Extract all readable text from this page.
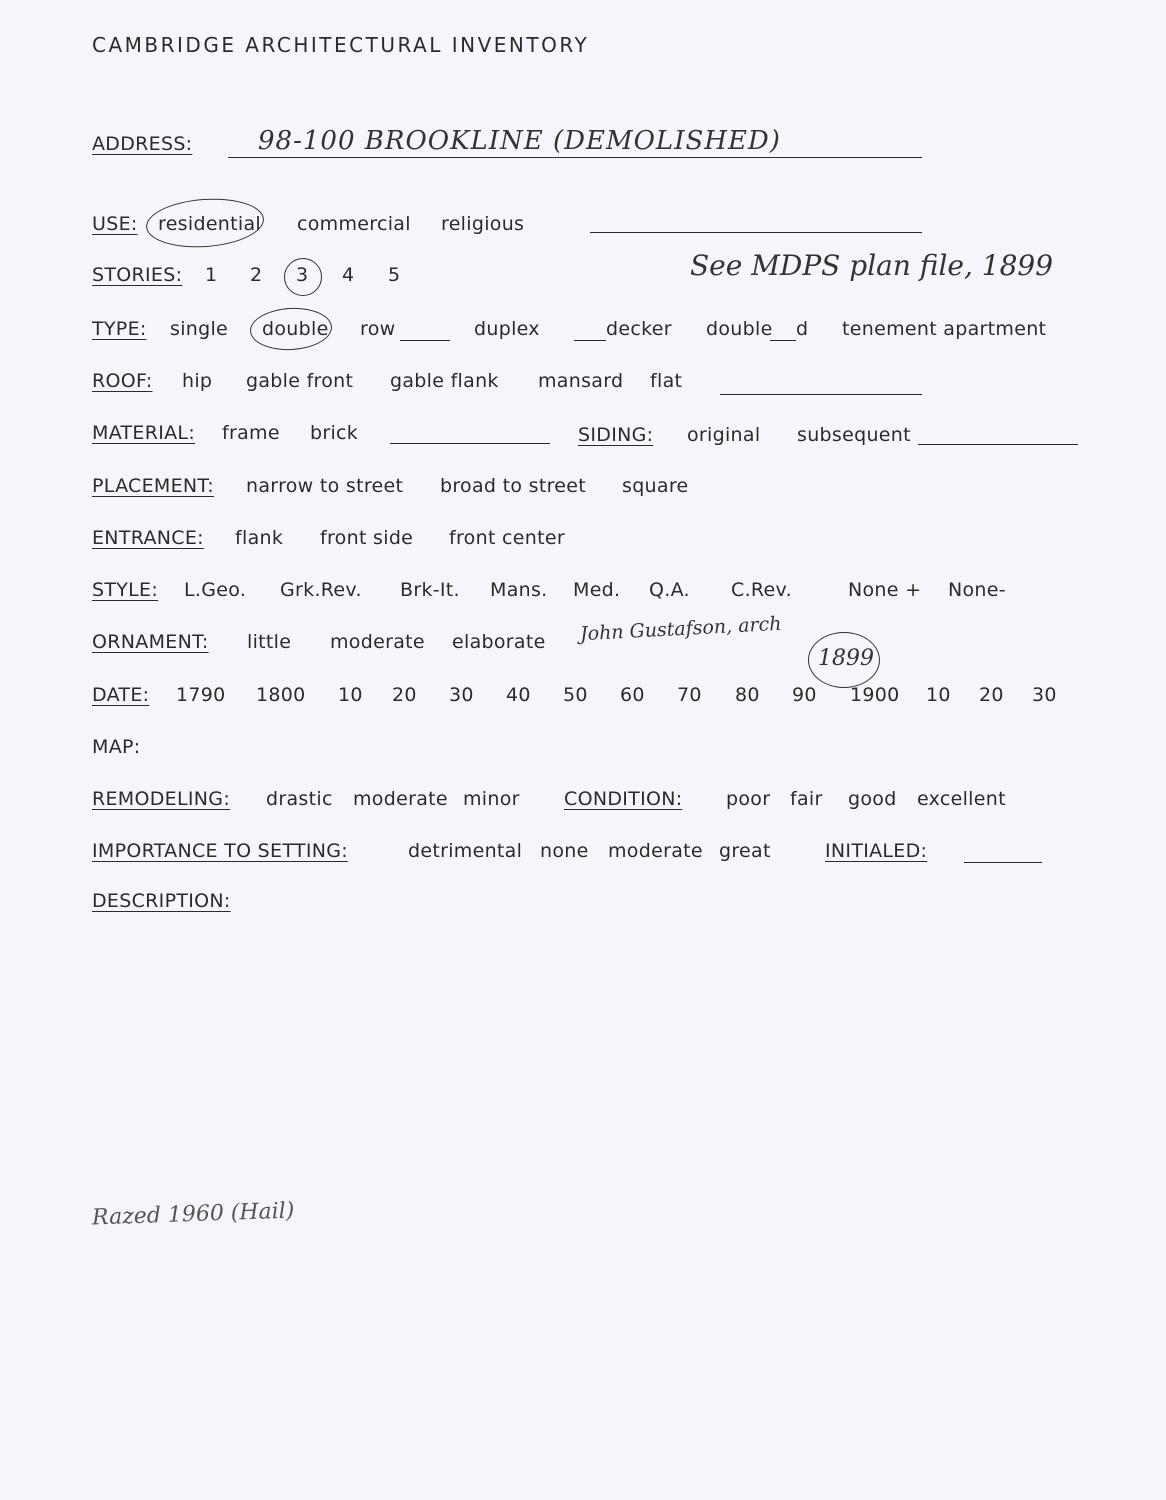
CAMBRIDGE ARCHITECTURAL INVENTORY
ADDRESS:	98-100 BROOKLINE (DEMOLISHED)
USE: residential commercial religious
STORIES: 1 2 3 4 5	See MDPS plan file, 1899
TYPE: single double row	duplex	decker double d tenement apartment
ROOF: hip gable front gable flank mansard flat
MATERIAL: frame brick	SIDING: original subsequent
PLACEMENT: narrow to street broad to street square
ENTRANCE: flank front side front center
STYLE: L.Geo. Grk.Rev. Brk-It. Mans. Med. Q.A. C.Rev.	None + None-
ORNAMENT: little moderate elaborate John Gustafson, arch
DATE: 1790 1800 10 20 30 40 50 60 70 80 90 1900 10 20 30
1899
MAP:
REMODELING: drastic moderate minor CONDITION: poor fair good excellent
IMPORTANCE TO SETTING:	detrimental none moderate great	INITIALED:
DESCRIPTION:
Razed 1960 (Hail)
